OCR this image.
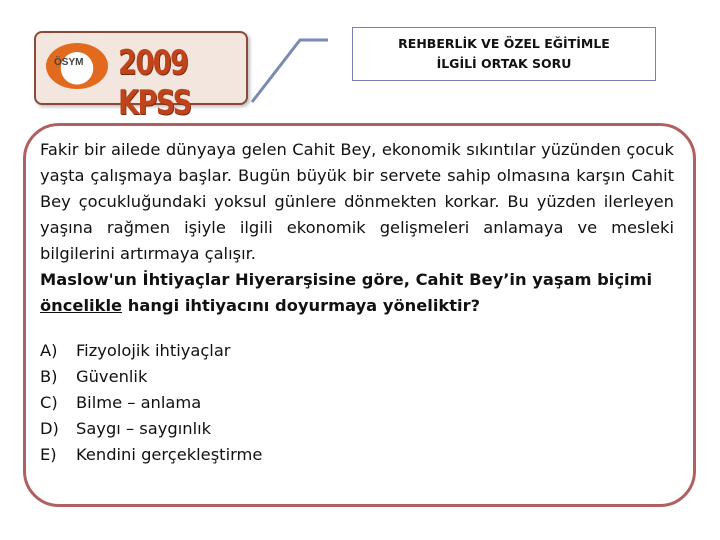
ÖSYM 2009 KPSS
REHBERLİK VE ÖZEL EĞİTİMLE
İLGİLİ ORTAK SORU

Fakir bir ailede dünyaya gelen Cahit Bey, ekonomik sıkıntılar yüzünden çocuk yaşta çalışmaya başlar. Bugün büyük bir servete sahip olmasına karşın Cahit Bey çocukluğundaki yoksul günlere dönmekten korkar. Bu yüzden ilerleyen yaşına rağmen işiyle ilgili ekonomik gelişmeleri anlamaya ve mesleki bilgilerini artırmaya çalışır.

Maslow'un İhtiyaçlar Hiyerarşisine göre, Cahit Bey’in yaşam biçimi
öncelikle hangi ihtiyacını doyurmaya yöneliktir?

A)	Fizyolojik ihtiyaçlar
B)	Güvenlik
C)	Bilme – anlama
D)	Saygı – saygınlık
E)	Kendini gerçekleştirme
